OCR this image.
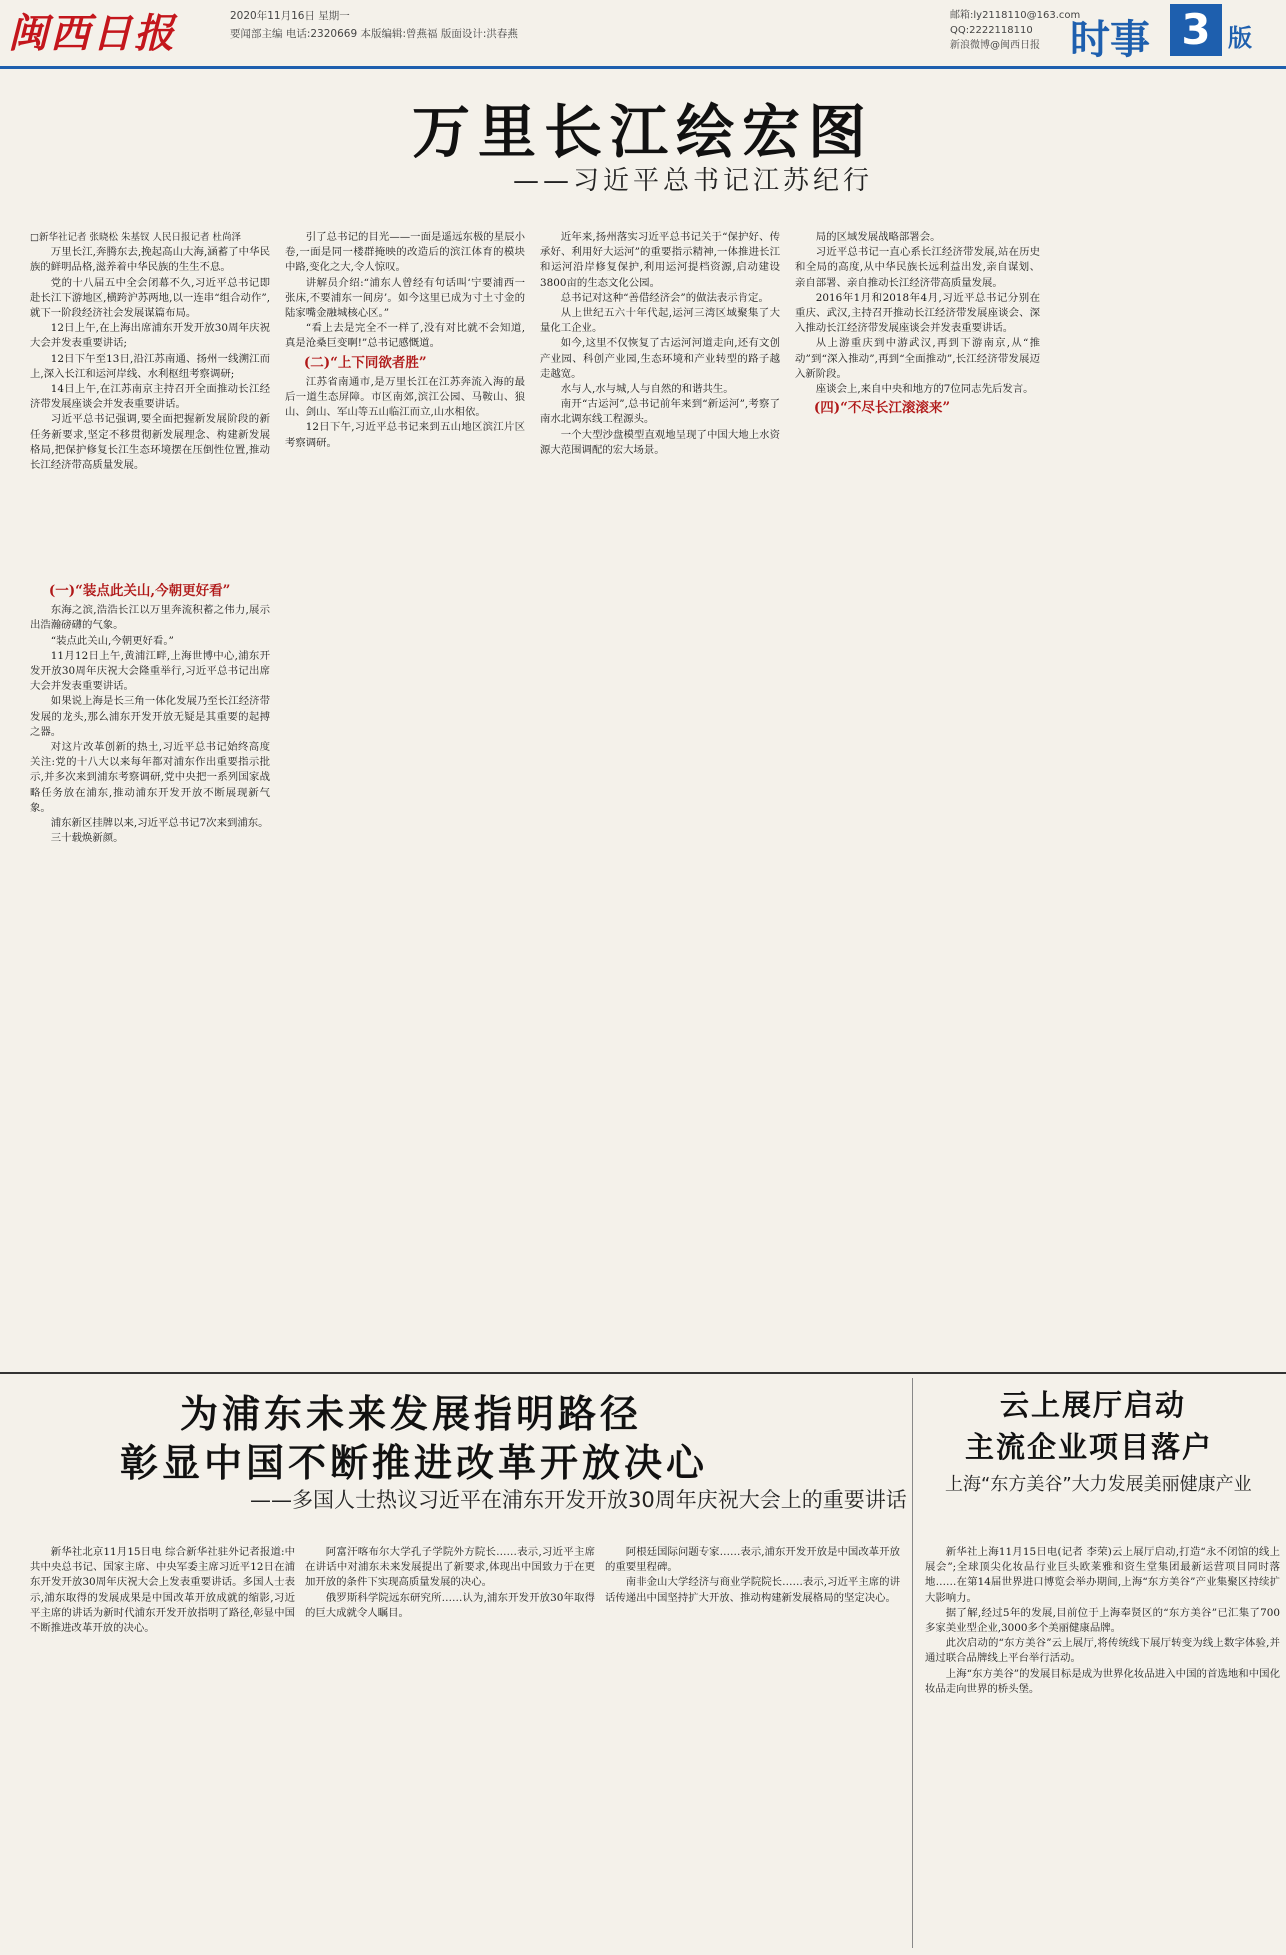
闽西日报	2020年11月16日 星期一
要闻部主编 电话:2320669 本版编辑:曾燕福 版面设计:洪春燕
邮箱:ly2118110@163.com
QQ:2222118110
新浪微博@闽西日报 时事 3 版
万里长江绘宏图
——习近平总书记江苏纪行

□新华社记者 张晓松 朱基钗 人民日报记者 杜尚泽

万里长江,奔腾东去,挽起高山大海,涵蓄了中华民族的鲜明品格,滋养着中华民族的生生不息。

党的十八届五中全会闭幕不久,习近平总书记即赴长江下游地区,横跨沪苏两地,以一连串“组合动作”,就下一阶段经济社会发展谋篇布局。

12日上午,在上海出席浦东开发开放30周年庆祝大会并发表重要讲话;

12日下午至13日,沿江苏南通、扬州一线溯江而上,深入长江和运河岸线、水利枢纽考察调研;

14日上午,在江苏南京主持召开全面推动长江经济带发展座谈会并发表重要讲话。

习近平总书记强调,要全面把握新发展阶段的新任务新要求,坚定不移贯彻新发展理念、构建新发展格局,把保护修复长江生态环境摆在压倒性位置,推动长江经济带高质量发展。

(一)“装点此关山,今朝更好看”

东海之滨,浩浩长江以万里奔流积蓄之伟力,展示出浩瀚磅礴的气象。

“装点此关山,今朝更好看。”

11月12日上午,黄浦江畔,上海世博中心,浦东开发开放30周年庆祝大会隆重举行,习近平总书记出席大会并发表重要讲话。

如果说上海是长三角一体化发展乃至长江经济带发展的龙头,那么浦东开发开放无疑是其重要的起搏之器。

对这片改革创新的热土,习近平总书记始终高度关注:党的十八大以来每年都对浦东作出重要指示批示,并多次来到浦东考察调研,党中央把一系列国家战略任务放在浦东,推动浦东开发开放不断展现新气象。

浦东新区挂牌以来,习近平总书记7次来到浦东。

三十载焕新颜。

引了总书记的目光——一面是遥远东极的星辰小卷,一面是同一楼群掩映的改造后的滨江体育的模块中路,变化之大,令人惊叹。

讲解员介绍:“浦东人曾经有句话叫‘宁要浦西一张床,不要浦东一间房’。如今这里已成为寸土寸金的陆家嘴金融城核心区。”

“看上去是完全不一样了,没有对比就不会知道,真是沧桑巨变啊!”总书记感慨道。

(二)“上下同欲者胜”

江苏省南通市,是万里长江在江苏奔流入海的最后一道生态屏障。市区南郊,滨江公园、马鞍山、狼山、剑山、军山等五山临江而立,山水相依。

12日下午,习近平总书记来到五山地区滨江片区考察调研。

近年来,扬州落实习近平总书记关于“保护好、传承好、利用好大运河”的重要指示精神,一体推进长江和运河沿岸修复保护,利用运河提档资源,启动建设3800亩的生态文化公园。

总书记对这种“善借经济会”的做法表示肯定。

从上世纪五六十年代起,运河三湾区域聚集了大量化工企业。

如今,这里不仅恢复了古运河河道走向,还有文创产业园、科创产业园,生态环境和产业转型的路子越走越宽。

水与人,水与城,人与自然的和谐共生。

南开“古运河”,总书记前年来到“新运河”,考察了南水北调东线工程源头。

一个大型沙盘模型直观地呈现了中国大地上水资源大范围调配的宏大场景。

局的区域发展战略部署会。

习近平总书记一直心系长江经济带发展,站在历史和全局的高度,从中华民族长远利益出发,亲自谋划、亲自部署、亲自推动长江经济带高质量发展。

2016年1月和2018年4月,习近平总书记分别在重庆、武汉,主持召开推动长江经济带发展座谈会、深入推动长江经济带发展座谈会并发表重要讲话。

从上游重庆到中游武汉,再到下游南京,从“推动”到“深入推动”,再到“全面推动”,长江经济带发展迈入新阶段。

座谈会上,来自中央和地方的7位同志先后发言。

(四)“不尽长江滚滚来”
为浦东未来发展指明路径
彰显中国不断推进改革开放决心
——多国人士热议习近平在浦东开发开放30周年庆祝大会上的重要讲话

新华社北京11月15日电 综合新华社驻外记者报道:中共中央总书记、国家主席、中央军委主席习近平12日在浦东开发开放30周年庆祝大会上发表重要讲话。多国人士表示,浦东取得的发展成果是中国改革开放成就的缩影,习近平主席的讲话为新时代浦东开发开放指明了路径,彰显中国不断推进改革开放的决心。

阿富汗喀布尔大学孔子学院外方院长……表示,习近平主席在讲话中对浦东未来发展提出了新要求,体现出中国致力于在更加开放的条件下实现高质量发展的决心。

俄罗斯科学院远东研究所……认为,浦东开发开放30年取得的巨大成就令人瞩目。

阿根廷国际问题专家……表示,浦东开发开放是中国改革开放的重要里程碑。

南非金山大学经济与商业学院院长……表示,习近平主席的讲话传递出中国坚持扩大开放、推动构建新发展格局的坚定决心。

云上展厅启动
主流企业项目落户
上海“东方美谷”大力发展美丽健康产业

新华社上海11月15日电(记者 李荣)云上展厅启动,打造“永不闭馆的线上展会”;全球顶尖化妆品行业巨头欧莱雅和资生堂集团最新运营项目同时落地……在第14届世界进口博览会举办期间,上海“东方美谷”产业集聚区持续扩大影响力。

据了解,经过5年的发展,目前位于上海奉贤区的“东方美谷”已汇集了700多家美业型企业,3000多个美丽健康品牌。

此次启动的“东方美谷”云上展厅,将传统线下展厅转变为线上数字体验,并通过联合品牌线上平台举行活动。

上海“东方美谷”的发展目标是成为世界化妆品进入中国的首选地和中国化妆品走向世界的桥头堡。
